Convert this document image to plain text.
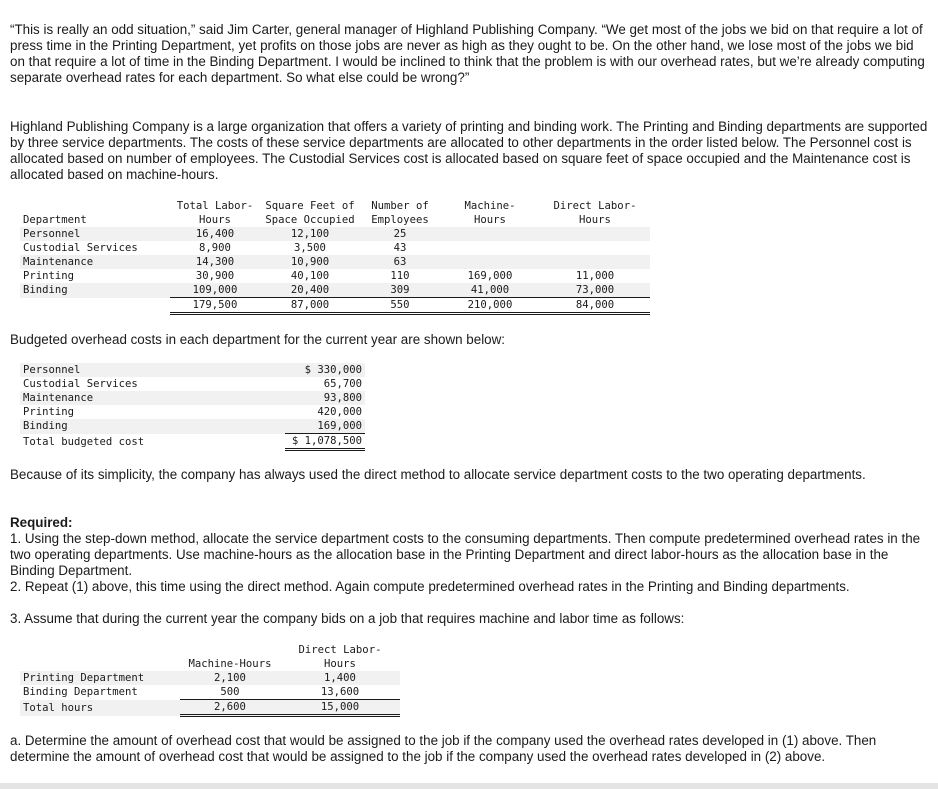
“This is really an odd situation,” said Jim Carter, general manager of Highland Publishing Company. “We get most of the jobs we bid on that require a lot of press time in the Printing Department, yet profits on those jobs are never as high as they ought to be. On the other hand, we lose most of the jobs we bid on that require a lot of time in the Binding Department. I would be inclined to think that the problem is with our overhead rates, but we’re already computing separate overhead rates for each department. So what else could be wrong?”

Highland Publishing Company is a large organization that offers a variety of printing and binding work. The Printing and Binding departments are supported by three service departments. The costs of these service departments are allocated to other departments in the order listed below. The Personnel cost is allocated based on number of employees. The Custodial Services cost is allocated based on square feet of space occupied and the Maintenance cost is allocated based on machine-hours.

	Total Labor-	Square Feet of	Number of	Machine-	Direct Labor-
Department	Hours	Space Occupied	Employees	Hours	Hours
Personnel	16,400	12,100	25		
Custodial Services	8,900	3,500	43		
Maintenance	14,300	10,900	63		
Printing	30,900	40,100	110	169,000	11,000
Binding	109,000	20,400	309	41,000	73,000
	179,500	87,000	550	210,000	84,000

Budgeted overhead costs in each department for the current year are shown below:

Personnel	$ 330,000
Custodial Services	65,700
Maintenance	93,800
Printing	420,000
Binding	169,000
Total budgeted cost	$ 1,078,500

Because of its simplicity, the company has always used the direct method to allocate service department costs to the two operating departments.

Required:

1. Using the step-down method, allocate the service department costs to the consuming departments. Then compute predetermined overhead rates in the two operating departments. Use machine-hours as the allocation base in the Printing Department and direct labor-hours as the allocation base in the Binding Department.

2. Repeat (1) above, this time using the direct method. Again compute predetermined overhead rates in the Printing and Binding departments.

3. Assume that during the current year the company bids on a job that requires machine and labor time as follows:

		Direct Labor-
	Machine-Hours	Hours
Printing Department	2,100	1,400
Binding Department	500	13,600
Total hours	2,600	15,000

a. Determine the amount of overhead cost that would be assigned to the job if the company used the overhead rates developed in (1) above. Then determine the amount of overhead cost that would be assigned to the job if the company used the overhead rates developed in (2) above.
